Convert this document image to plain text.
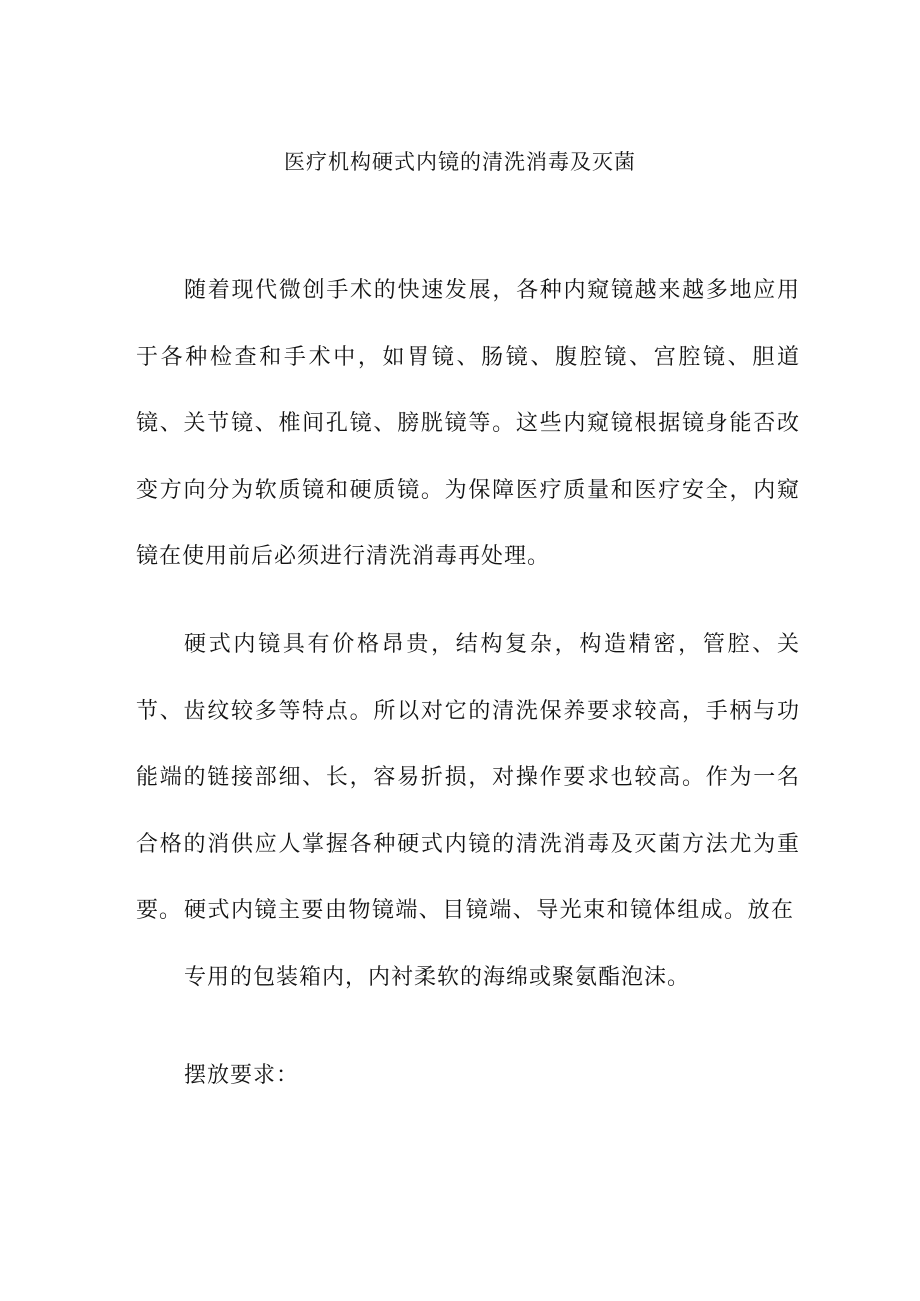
医疗机构硬式内镜的清洗消毒及灭菌

随着现代微创手术的快速发展，各种内窥镜越来越多地应用于各种检查和手术中，如胃镜、肠镜、腹腔镜、宫腔镜、胆道镜、关节镜、椎间孔镜、膀胱镜等。这些内窥镜根据镜身能否改变方向分为软质镜和硬质镜。为保障医疗质量和医疗安全，内窥镜在使用前后必须进行清洗消毒再处理。

硬式内镜具有价格昂贵，结构复杂，构造精密，管腔、关节、齿纹较多等特点。所以对它的清洗保养要求较高，手柄与功能端的链接部细、长，容易折损，对操作要求也较高。作为一名合格的消供应人掌握各种硬式内镜的清洗消毒及灭菌方法尤为重要。 硬式内镜主要由物镜端、目镜端、导光束和镜体组成。放在专用的包装箱内，内衬柔软的海绵或聚氨酯泡沫。

摆放要求：
